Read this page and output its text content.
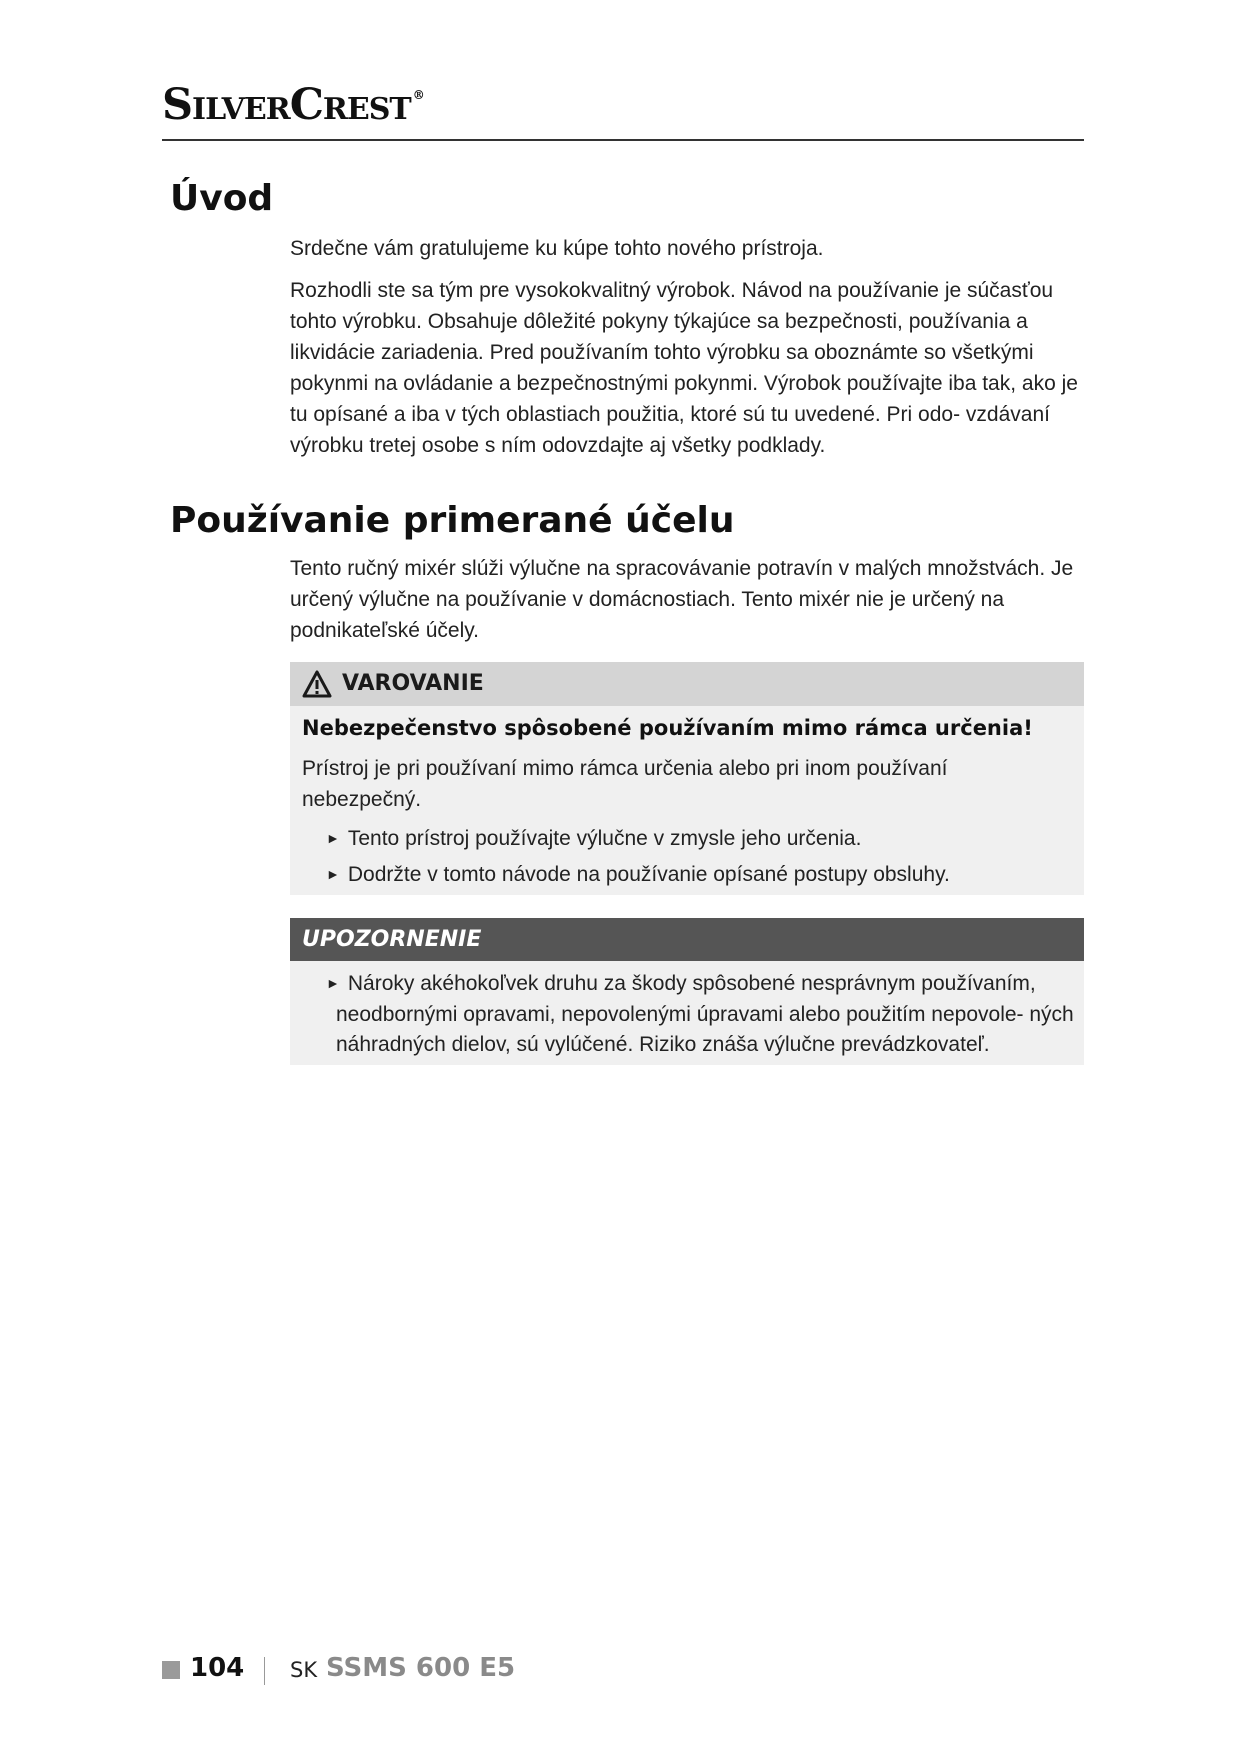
SilverCrest ®
Úvod

Srdečne vám gratulujeme ku kúpe tohto nového prístroja.

Rozhodli ste sa tým pre vysokokvalitný výrobok. Návod na používanie je súčasťou tohto výrobku. Obsahuje dôležité pokyny týkajúce sa bezpečnosti, používania a likvidácie zariadenia. Pred používaním tohto výrobku sa oboznámte so všetkými pokynmi na ovládanie a bezpečnostnými pokynmi. Výrobok používajte iba tak, ako je tu opísané a iba v tých oblastiach použitia, ktoré sú tu uvedené. Pri odo- vzdávaní výrobku tretej osobe s ním odovzdajte aj všetky podklady.

Používanie primerané účelu

Tento ručný mixér slúži výlučne na spracovávanie potravín v malých množstvách. Je určený výlučne na používanie v domácnostiach. Tento mixér nie je určený na podnikateľské účely.

VAROVANIE
Nebezpečenstvo spôsobené používaním mimo rámca určenia!
Prístroj je pri používaní mimo rámca určenia alebo pri inom používaní nebezpečný.
► Tento prístroj používajte výlučne v zmysle jeho určenia.
► Dodržte v tomto návode na používanie opísané postupy obsluhy.
UPOZORNENIE
► Nároky akéhokoľvek druhu za škody spôsobené nesprávnym používaním, neodbornými opravami, nepovolenými úpravami alebo použitím nepovole- ných náhradných dielov, sú vylúčené. Riziko znáša výlučne prevádzkovateľ.
104 SK SSMS 600 E5
